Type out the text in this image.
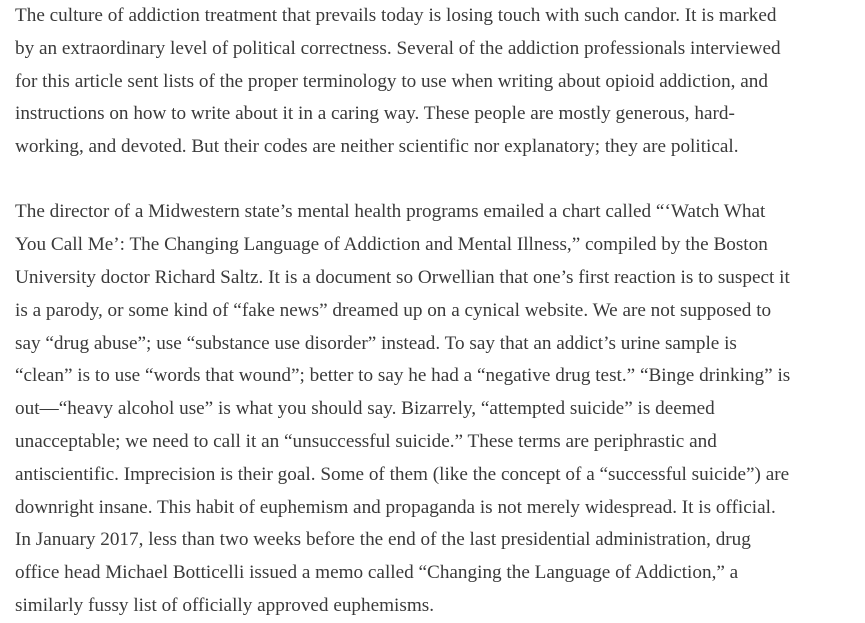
The culture of addiction treatment that prevails today is losing touch with such candor. It is marked
by an extraordinary level of political correctness. Several of the addiction professionals interviewed
for this article sent lists of the proper terminology to use when writing about opioid addiction, and
instructions on how to write about it in a caring way. These people are mostly generous, hard-
working, and devoted. But their codes are neither scientific nor explanatory; they are political.

The director of a Midwestern state’s mental health programs emailed a chart called “‘Watch What
You Call Me’: The Changing Language of Addiction and Mental Illness,” compiled by the Boston
University doctor Richard Saltz. It is a document so Orwellian that one’s first reaction is to suspect it
is a parody, or some kind of “fake news” dreamed up on a cynical website. We are not supposed to
say “drug abuse”; use “substance use disorder” instead. To say that an addict’s urine sample is
“clean” is to use “words that wound”; better to say he had a “negative drug test.” “Binge drinking” is
out—“heavy alcohol use” is what you should say. Bizarrely, “attempted suicide” is deemed
unacceptable; we need to call it an “unsuccessful suicide.” These terms are periphrastic and
antiscientific. Imprecision is their goal. Some of them (like the concept of a “successful suicide”) are
downright insane. This habit of euphemism and propaganda is not merely widespread. It is official.
In January 2017, less than two weeks before the end of the last presidential administration, drug
office head Michael Botticelli issued a memo called “Changing the Language of Addiction,” a
similarly fussy list of officially approved euphemisms.
